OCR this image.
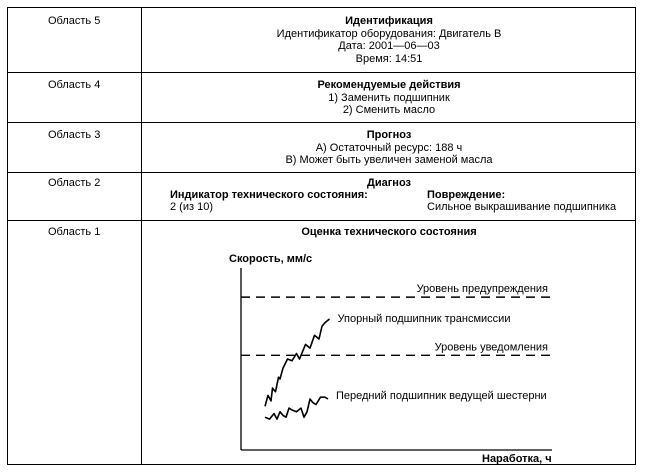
Область 5	Идентификация
Идентификатор оборудования: Двигатель В
Дата: 2001—06—03
Время: 14:51
Область 4	Рекомендуемые действия
1) Заменить подшипник
2) Сменить масло
Область 3	Прогноз
А) Остаточный ресурс: 188 ч
В) Может быть увеличен заменой масла
Область 2	Диагноз
Индикатор технического состояния:
2 (из 10)
Повреждение:
Сильное выкрашивание подшипника
Область 1	Оценка технического состояния
Скорость, мм/с
Наработка, ч
Уровень предупреждения
Уровень уведомления
Упорный подшипник трансмиссии
Передний подшипник ведущей шестерни
